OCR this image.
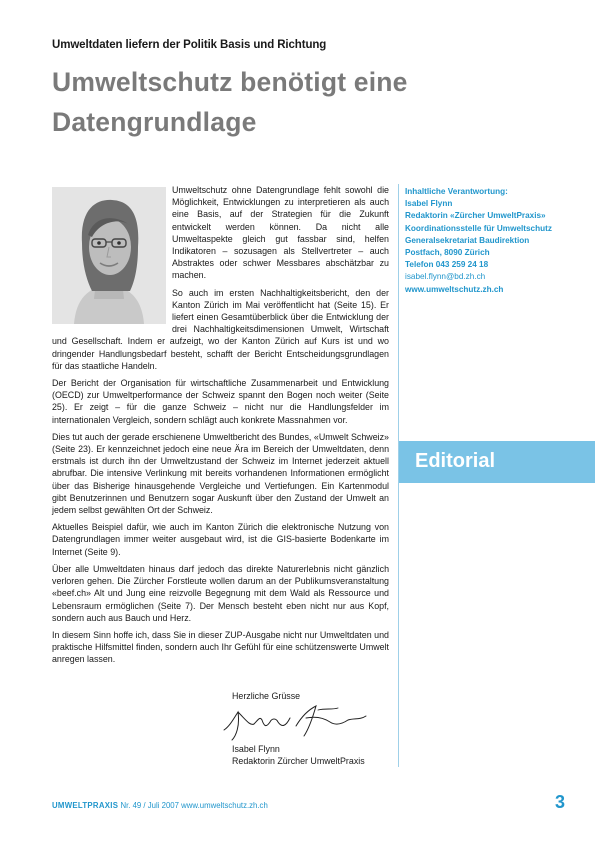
Umweltdaten liefern der Politik Basis und Richtung
Umweltschutz benötigt eine Datengrundlage

Umweltschutz ohne Datengrundlage fehlt sowohl die Möglichkeit, Entwicklungen zu interpretieren als auch eine Basis, auf der Strategien für die Zukunft entwickelt werden können. Da nicht alle Umweltaspekte gleich gut fassbar sind, helfen Indikatoren – sozusagen als Stellvertreter – auch Abstraktes oder schwer Messbares abschätzbar zu machen.

So auch im ersten Nachhaltigkeitsbericht, den der Kanton Zürich im Mai veröffentlicht hat (Seite 15). Er liefert einen Gesamtüberblick über die Entwicklung der drei Nachhaltigkeitsdimensionen Umwelt, Wirtschaft und Gesellschaft. Indem er aufzeigt, wo der Kanton Zürich auf Kurs ist und wo dringender Handlungsbedarf besteht, schafft der Bericht Entscheidungsgrundlagen für das staatliche Handeln.

Der Bericht der Organisation für wirtschaftliche Zusammenarbeit und Entwicklung (OECD) zur Umweltperformance der Schweiz spannt den Bogen noch weiter (Seite 25). Er zeigt – für die ganze Schweiz – nicht nur die Handlungsfelder im internationalen Vergleich, sondern schlägt auch konkrete Massnahmen vor.

Dies tut auch der gerade erschienene Umweltbericht des Bundes, «Umwelt Schweiz» (Seite 23). Er kennzeichnet jedoch eine neue Ära im Bereich der Umweltdaten, denn erstmals ist durch ihn der Umweltzustand der Schweiz im Internet jederzeit aktuell abrufbar. Die intensive Verlinkung mit bereits vorhandenen Informationen ermöglicht über das Bisherige hinausgehende Vergleiche und Vertiefungen. Ein Kartenmodul gibt Benutzerinnen und Benutzern sogar Auskunft über den Zustand der Umwelt an jedem selbst gewählten Ort der Schweiz.

Aktuelles Beispiel dafür, wie auch im Kanton Zürich die elektronische Nutzung von Datengrundlagen immer weiter ausgebaut wird, ist die GIS-basierte Bodenkarte im Internet (Seite 9).

Über alle Umweltdaten hinaus darf jedoch das direkte Naturerlebnis nicht gänzlich verloren gehen. Die Zürcher Forstleute wollen darum an der Publikumsveranstaltung «beef.ch» Alt und Jung eine reizvolle Begegnung mit dem Wald als Ressource und Lebensraum ermöglichen (Seite 7). Der Mensch besteht eben nicht nur aus Kopf, sondern auch aus Bauch und Herz.

In diesem Sinn hoffe ich, dass Sie in dieser ZUP-Ausgabe nicht nur Umweltdaten und praktische Hilfsmittel finden, sondern auch Ihr Gefühl für eine schützenswerte Umwelt anregen lassen.

Herzliche Grüsse
Isabel Flynn
Redaktorin Zürcher UmweltPraxis
Inhaltliche Verantwortung:
Isabel Flynn
Redaktorin «Zürcher UmweltPraxis»
Koordinationsstelle für Umweltschutz
Generalsekretariat Baudirektion
Postfach, 8090 Zürich
Telefon 043 259 24 18
isabel.flynn@bd.zh.ch
www.umweltschutz.zh.ch
Editorial
UMWELTPRAXIS Nr. 49 / Juli 2007 www.umweltschutz.zh.ch	3
